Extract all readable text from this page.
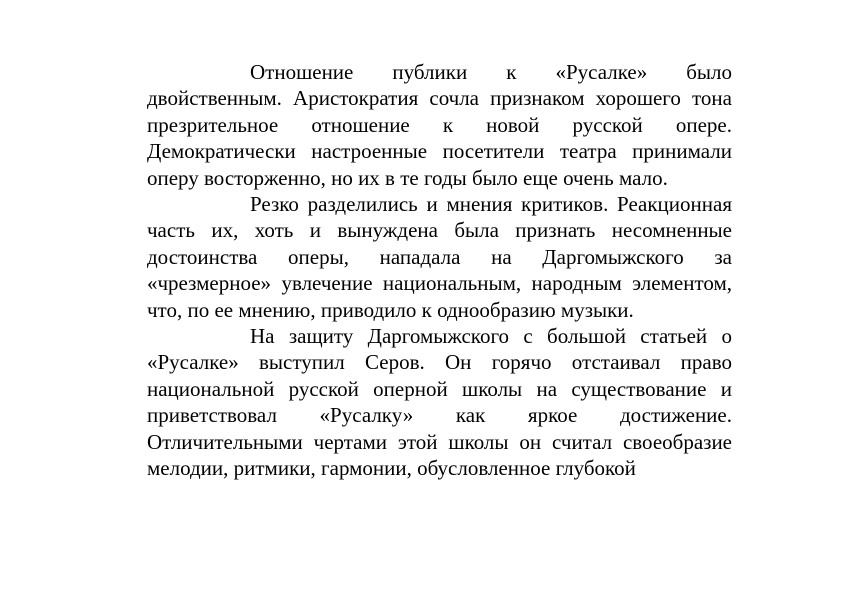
Отношение публики к «Русалке» было двойственным. Аристократия сочла признаком хорошего тона презрительное отношение к новой русской опере. Демократически настроенные посетители театра принимали оперу восторженно, но их в те годы было еще очень мало.

Резко разделились и мнения критиков. Реакционная часть их, хоть и вынуждена была признать несомненные достоинства оперы, нападала на Даргомыжского за «чрезмерное» увлечение национальным, народным элементом, что, по ее мнению, приводило к однообразию музыки.

На защиту Даргомыжского с большой статьей о «Русалке» выступил Серов. Он горячо отстаивал право национальной русской оперной школы на существование и приветствовал «Русалку» как яркое достижение. Отличительными чертами этой школы он считал своеобразие мелодии, ритмики, гармонии, обусловленное глубокой
